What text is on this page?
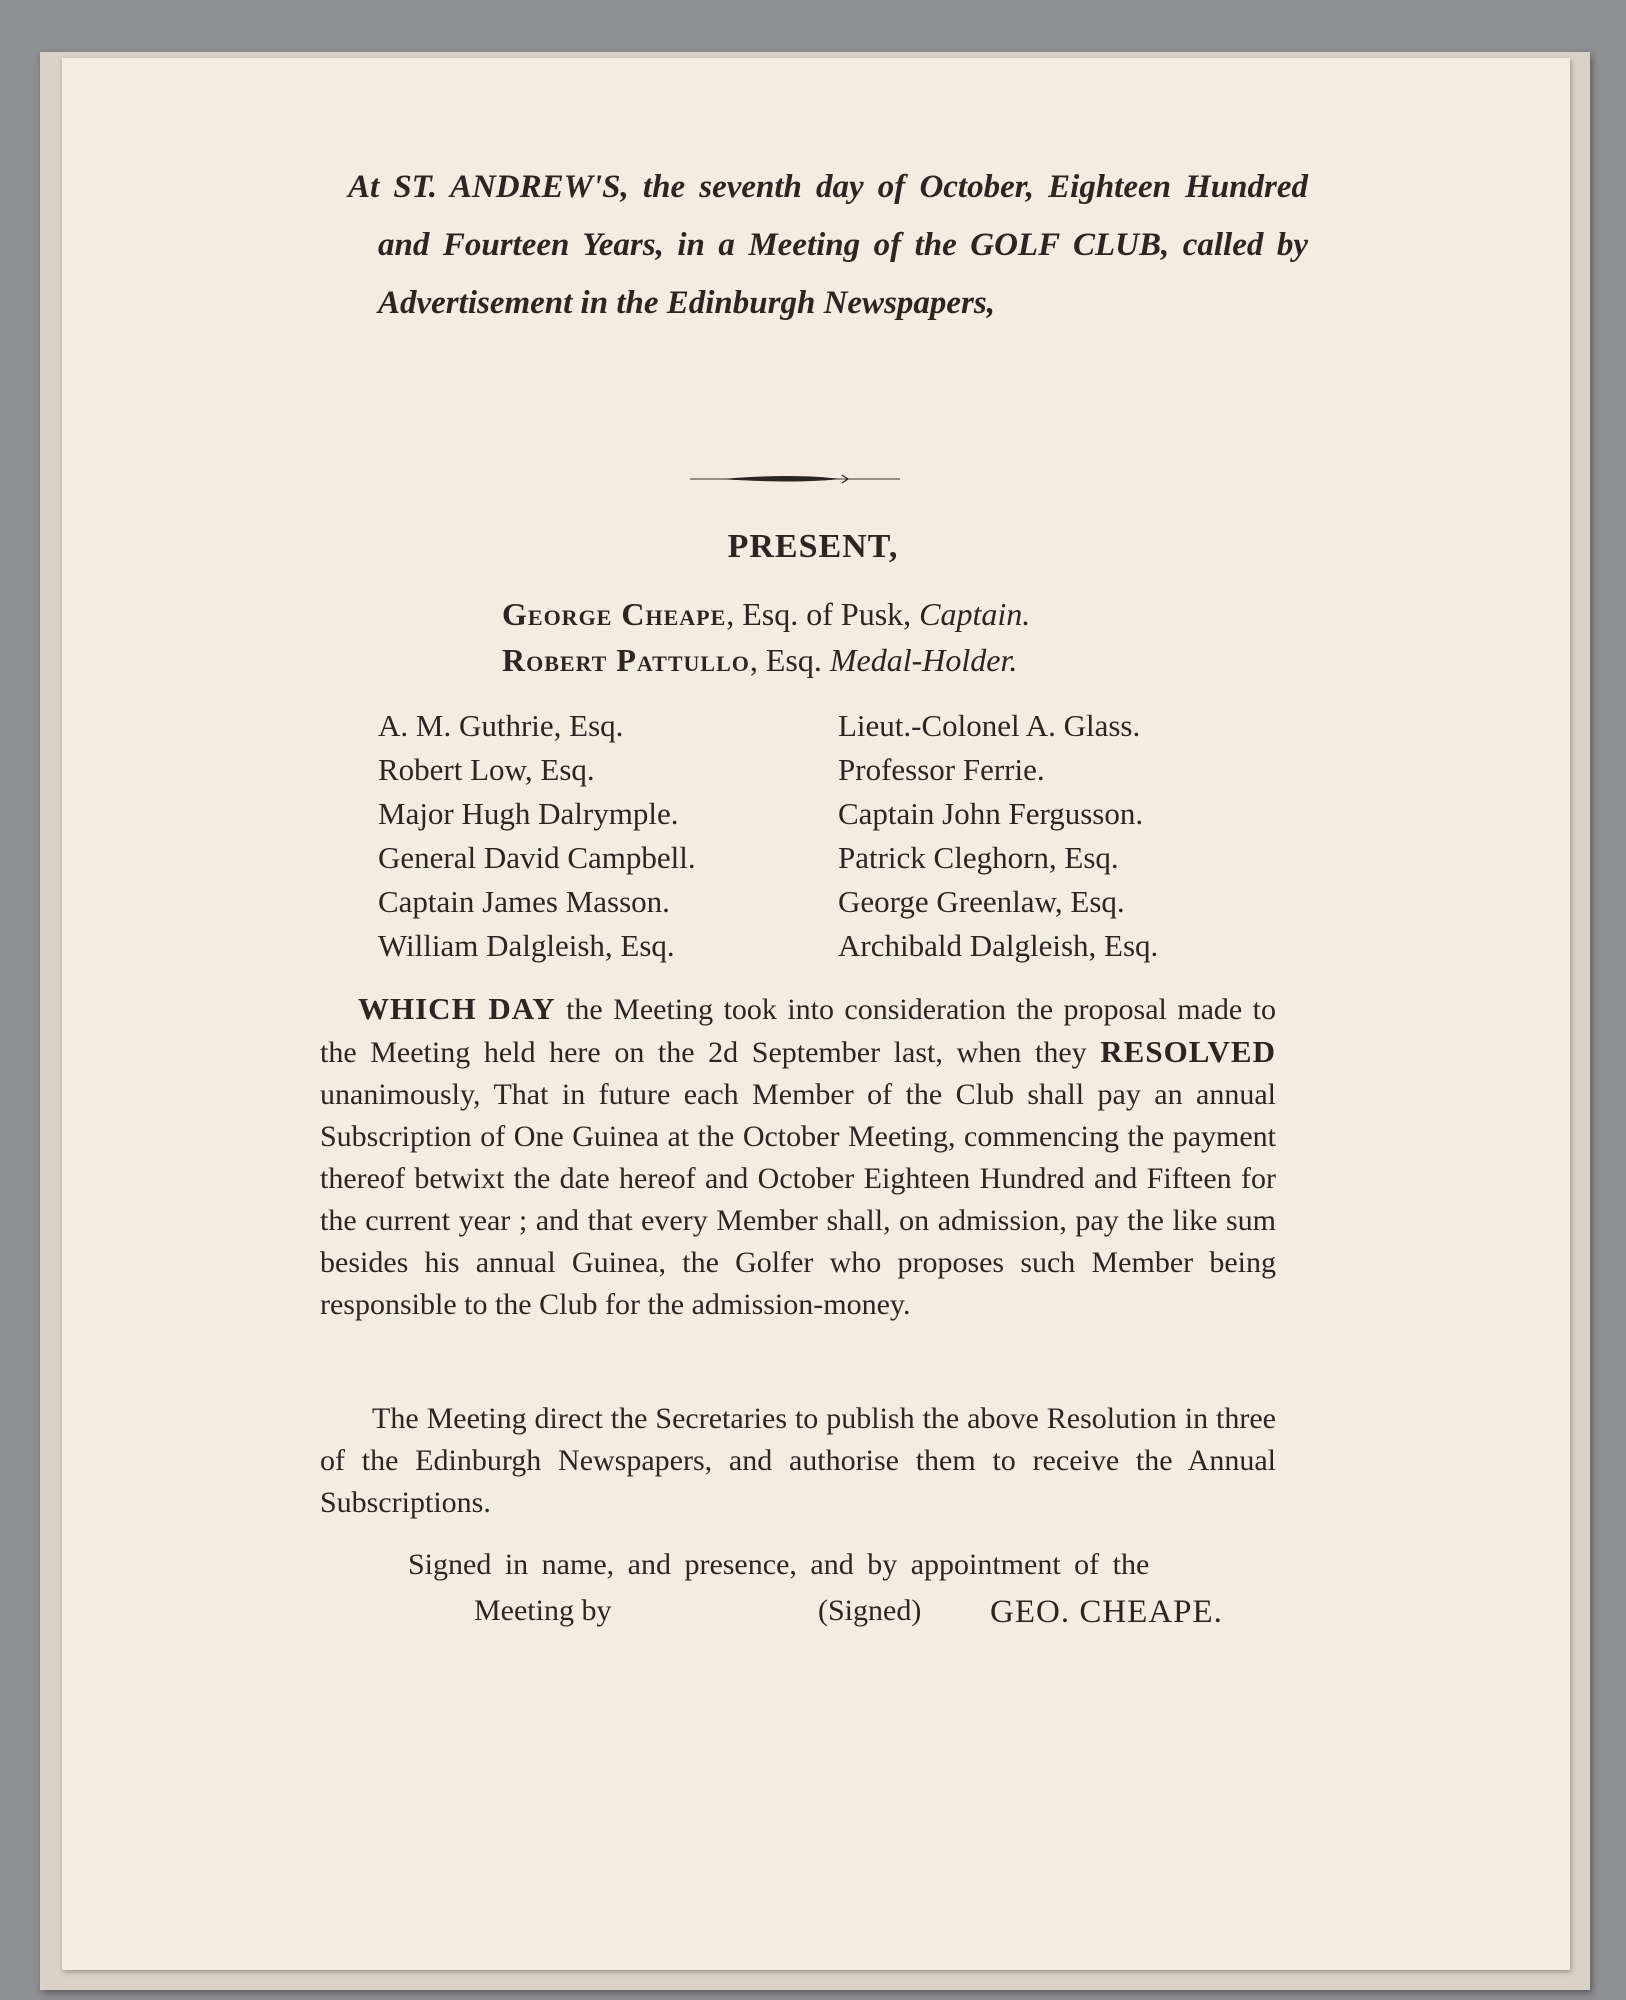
At ST. ANDREW'S, the seventh day of October, Eighteen Hundred and Fourteen Years, in a Meeting of the GOLF CLUB, called by Advertisement in the Edinburgh Newspapers,

PRESENT,

George Cheape, Esq. of Pusk, Captain.

Robert Pattullo, Esq. Medal-Holder.

A. M. Guthrie, Esq.
Robert Low, Esq.
Major Hugh Dalrymple.
General David Campbell.
Captain James Masson.
William Dalgleish, Esq.
Lieut.-Colonel A. Glass.
Professor Ferrie.
Captain John Fergusson.
Patrick Cleghorn, Esq.
George Greenlaw, Esq.
Archibald Dalgleish, Esq.

WHICH DAY the Meeting took into consideration the proposal made to the Meeting held here on the 2d September last, when they RESOLVED unanimously, That in future each Member of the Club shall pay an annual Subscription of One Guinea at the October Meeting, commencing the payment thereof betwixt the date hereof and October Eighteen Hundred and Fifteen for the current year ; and that every Member shall, on admission, pay the like sum besides his annual Guinea, the Golfer who proposes such Member being responsible to the Club for the admission-money.

The Meeting direct the Secretaries to publish the above Resolution in three of the Edinburgh Newspapers, and authorise them to receive the Annual Subscriptions.

Signed in name, and presence, and by appointment of the

Meeting by	(Signed) GEO. CHEAPE.
